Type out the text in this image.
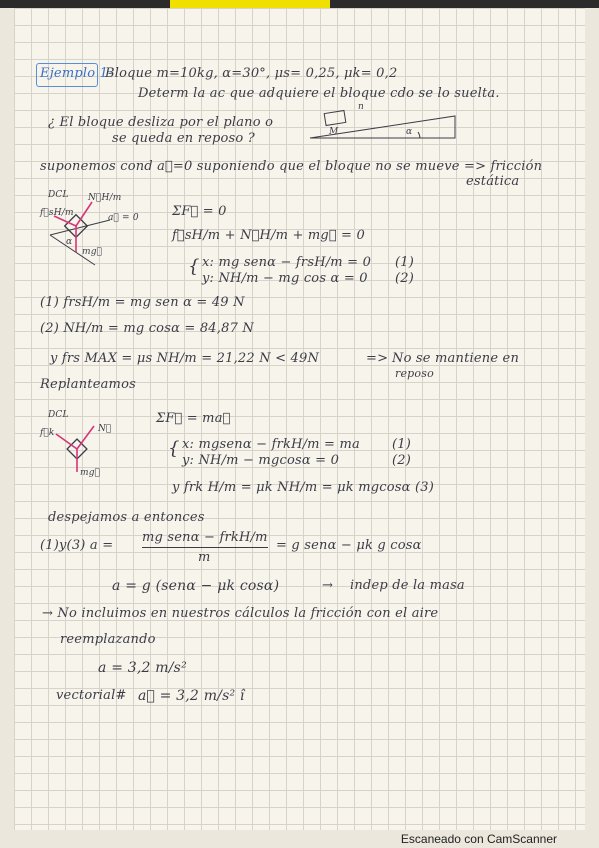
Ejemplo 1-
Bloque m=10kg, α=30°, μs= 0,25, μk= 0,2
Determ la ac que adquiere el bloque cdo se lo suelta.
¿ El bloque desliza por el plano o
se queda en reposo ?	M	α
n
suponemos cond a⃗=0 suponiendo que el bloque no se mueve => fricción
estática
DCL N⃗H/m
f⃗sH/m	a⃗ = 0
α
mg⃗
ΣF⃗ = 0
f⃗sH/m + N⃗H/m + mg⃗ = 0
{ x: mg senα − frsH/m = 0 (1)
y: NH/m − mg cos α = 0 (2)
(1) frsH/m = mg sen α = 49 N
(2) NH/m = mg cosα = 84,87 N
y frs MAX = μs NH/m = 21,22 N < 49N	=> No se mantiene en
reposo
Replanteamos
DCL
f⃗k	N⃗
mg⃗
ΣF⃗ = ma⃗
{ x: mgsenα − frkH/m = ma (1)
y: NH/m − mgcosα = 0	(2)
y frk H/m = μk NH/m = μk mgcosα (3)
despejamos a entonces
(1)y(3) a =
mg senα − frkH/m
m
= g senα − μk g cosα
a = g (senα − μk cosα)	→ indep de la masa
→ No incluimos en nuestros cálculos la fricción con el aire
reemplazando
a = 3,2 m/s²
vectorial# a⃗ = 3,2 m/s² î
Escaneado con CamScanner
